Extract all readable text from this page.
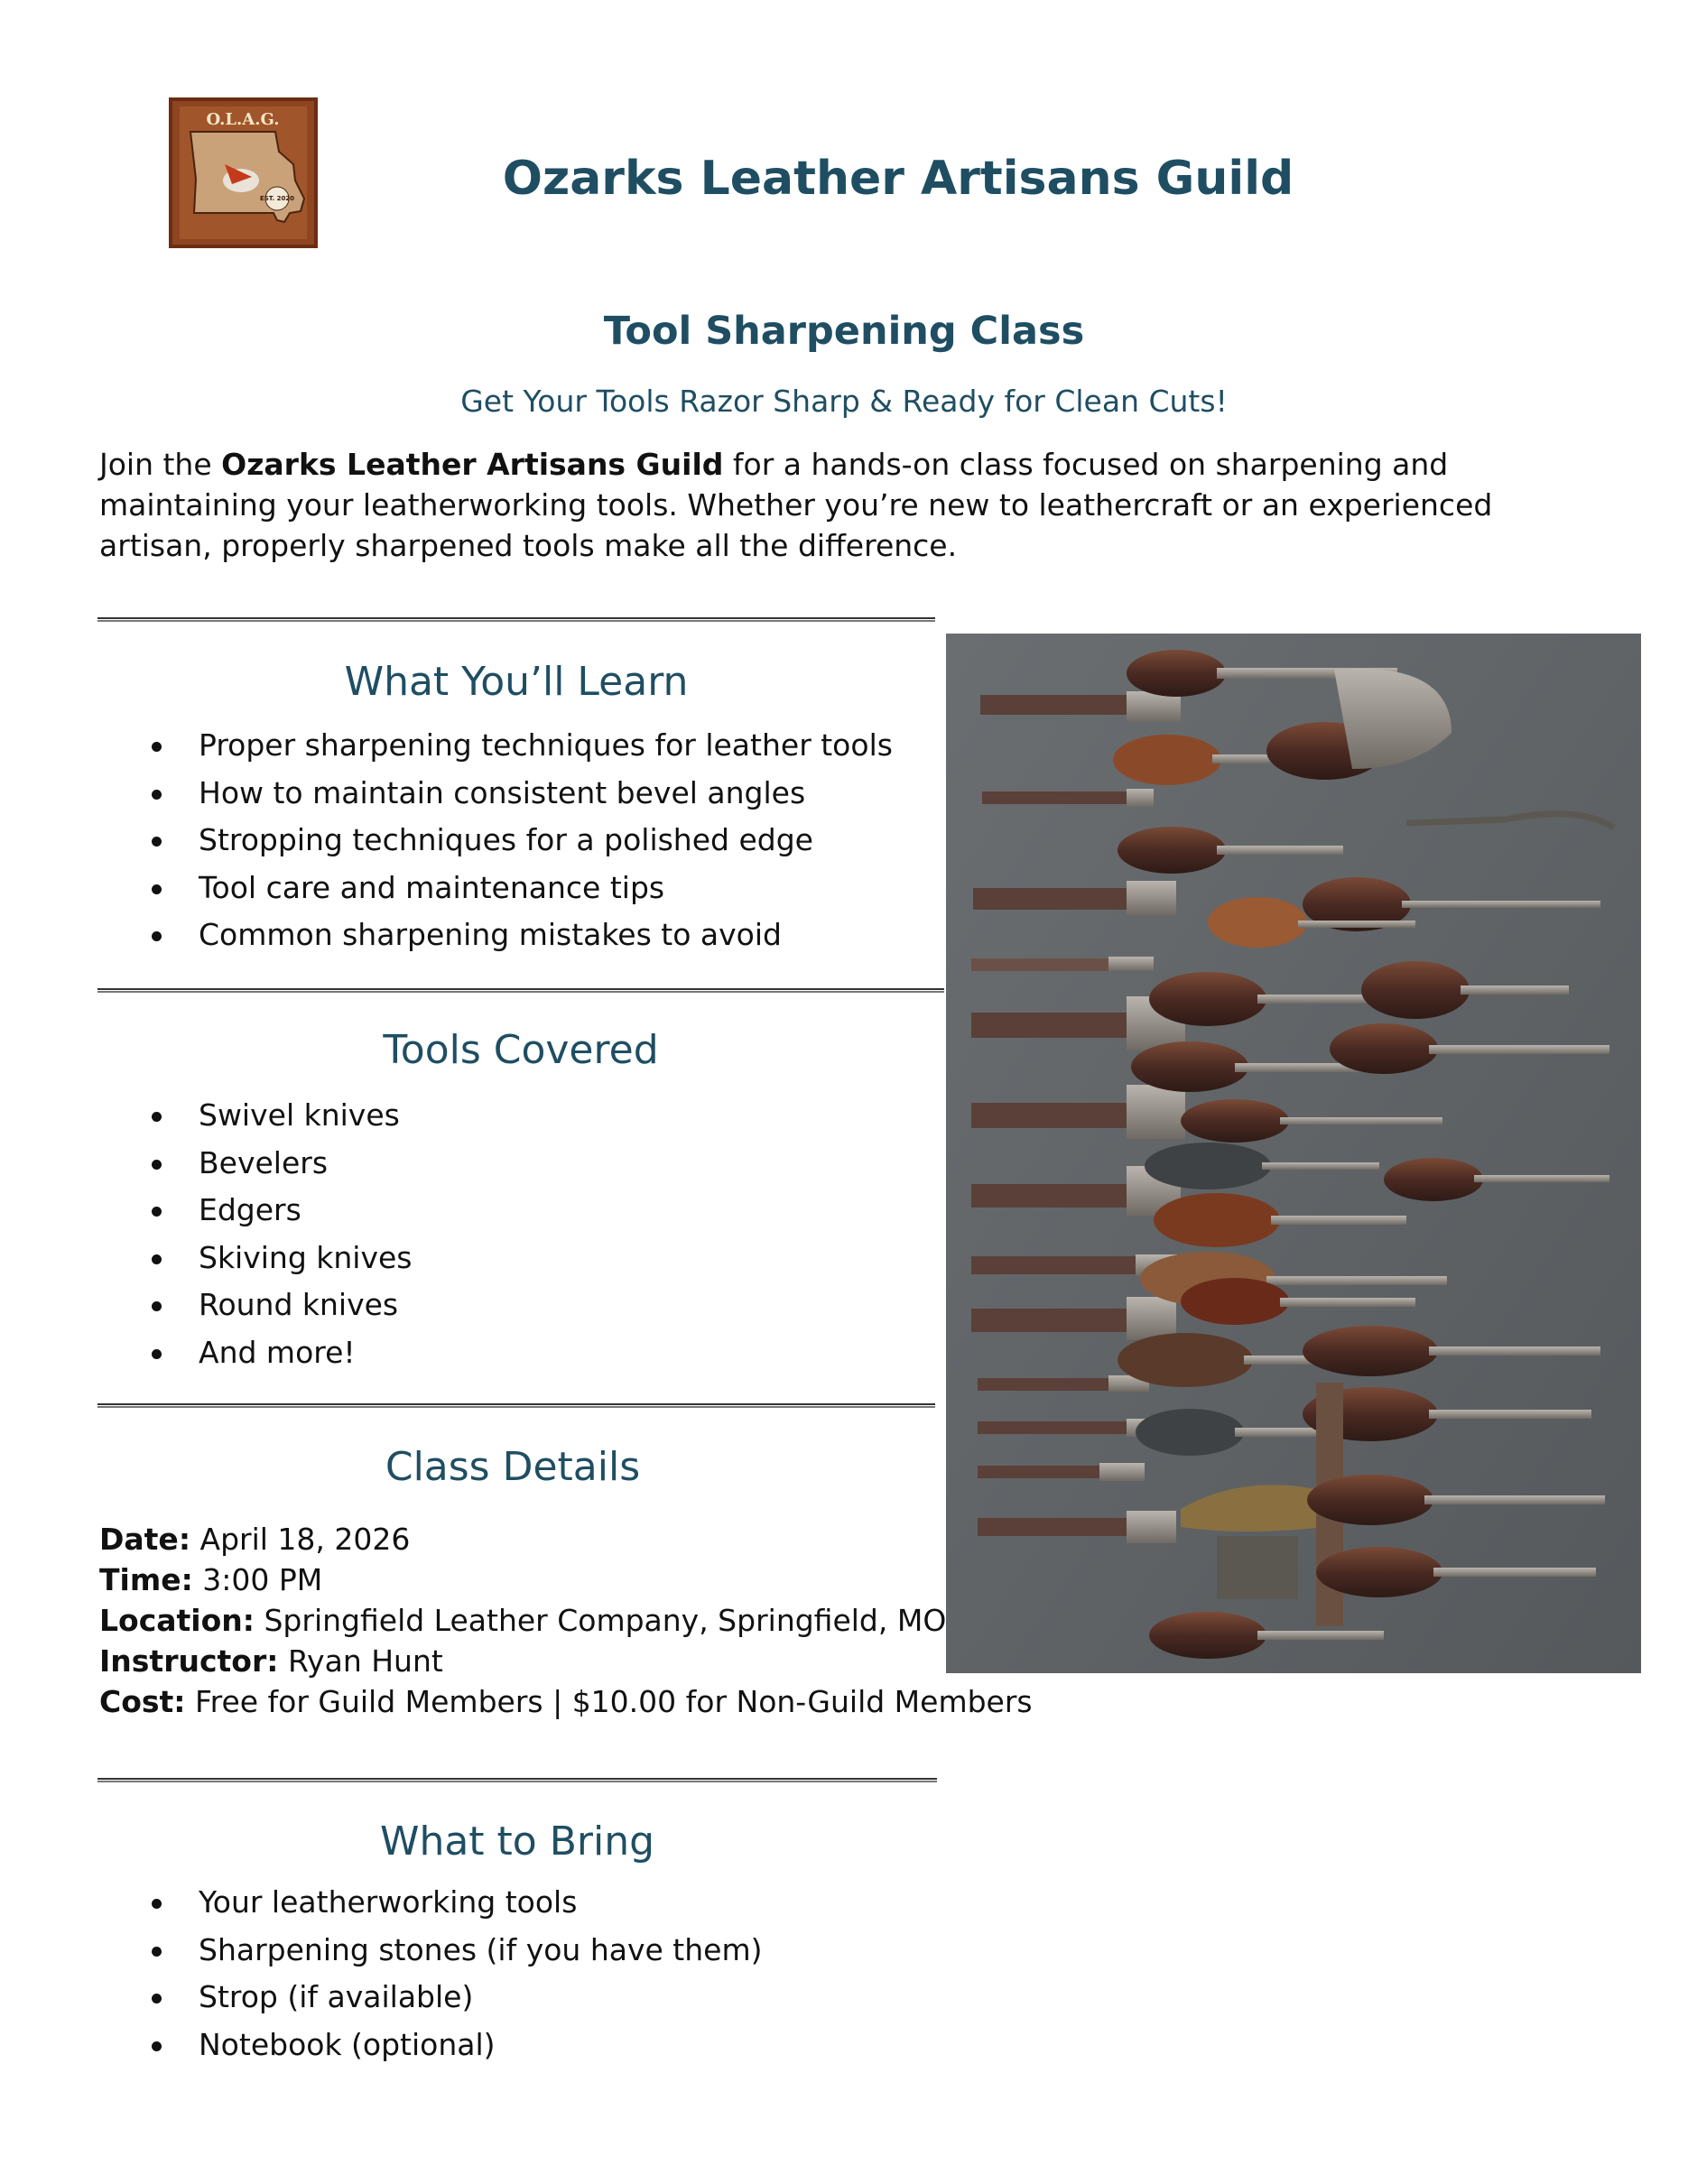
O.L.A.G.
EST. 2020	Ozarks Leather Artisans Guild
Tool Sharpening Class
Get Your Tools Razor Sharp & Ready for Clean Cuts!
Join the Ozarks Leather Artisans Guild for a hands-on class focused on sharpening and maintaining your leatherworking tools. Whether you’re new to leathercraft or an experienced artisan, properly sharpened tools make all the difference.
What You’ll Learn
Proper sharpening techniques for leather tools
How to maintain consistent bevel angles
Stropping techniques for a polished edge
Tool care and maintenance tips
Common sharpening mistakes to avoid
Tools Covered
Swivel knives
Bevelers
Edgers
Skiving knives
Round knives
And more!
Class Details
Date: April 18, 2026
Time: 3:00 PM
Location: Springfield Leather Company, Springfield, MO
Instructor: Ryan Hunt
Cost: Free for Guild Members | $10.00 for Non-Guild Members
What to Bring
Your leatherworking tools
Sharpening stones (if you have them)
Strop (if available)
Notebook (optional)
